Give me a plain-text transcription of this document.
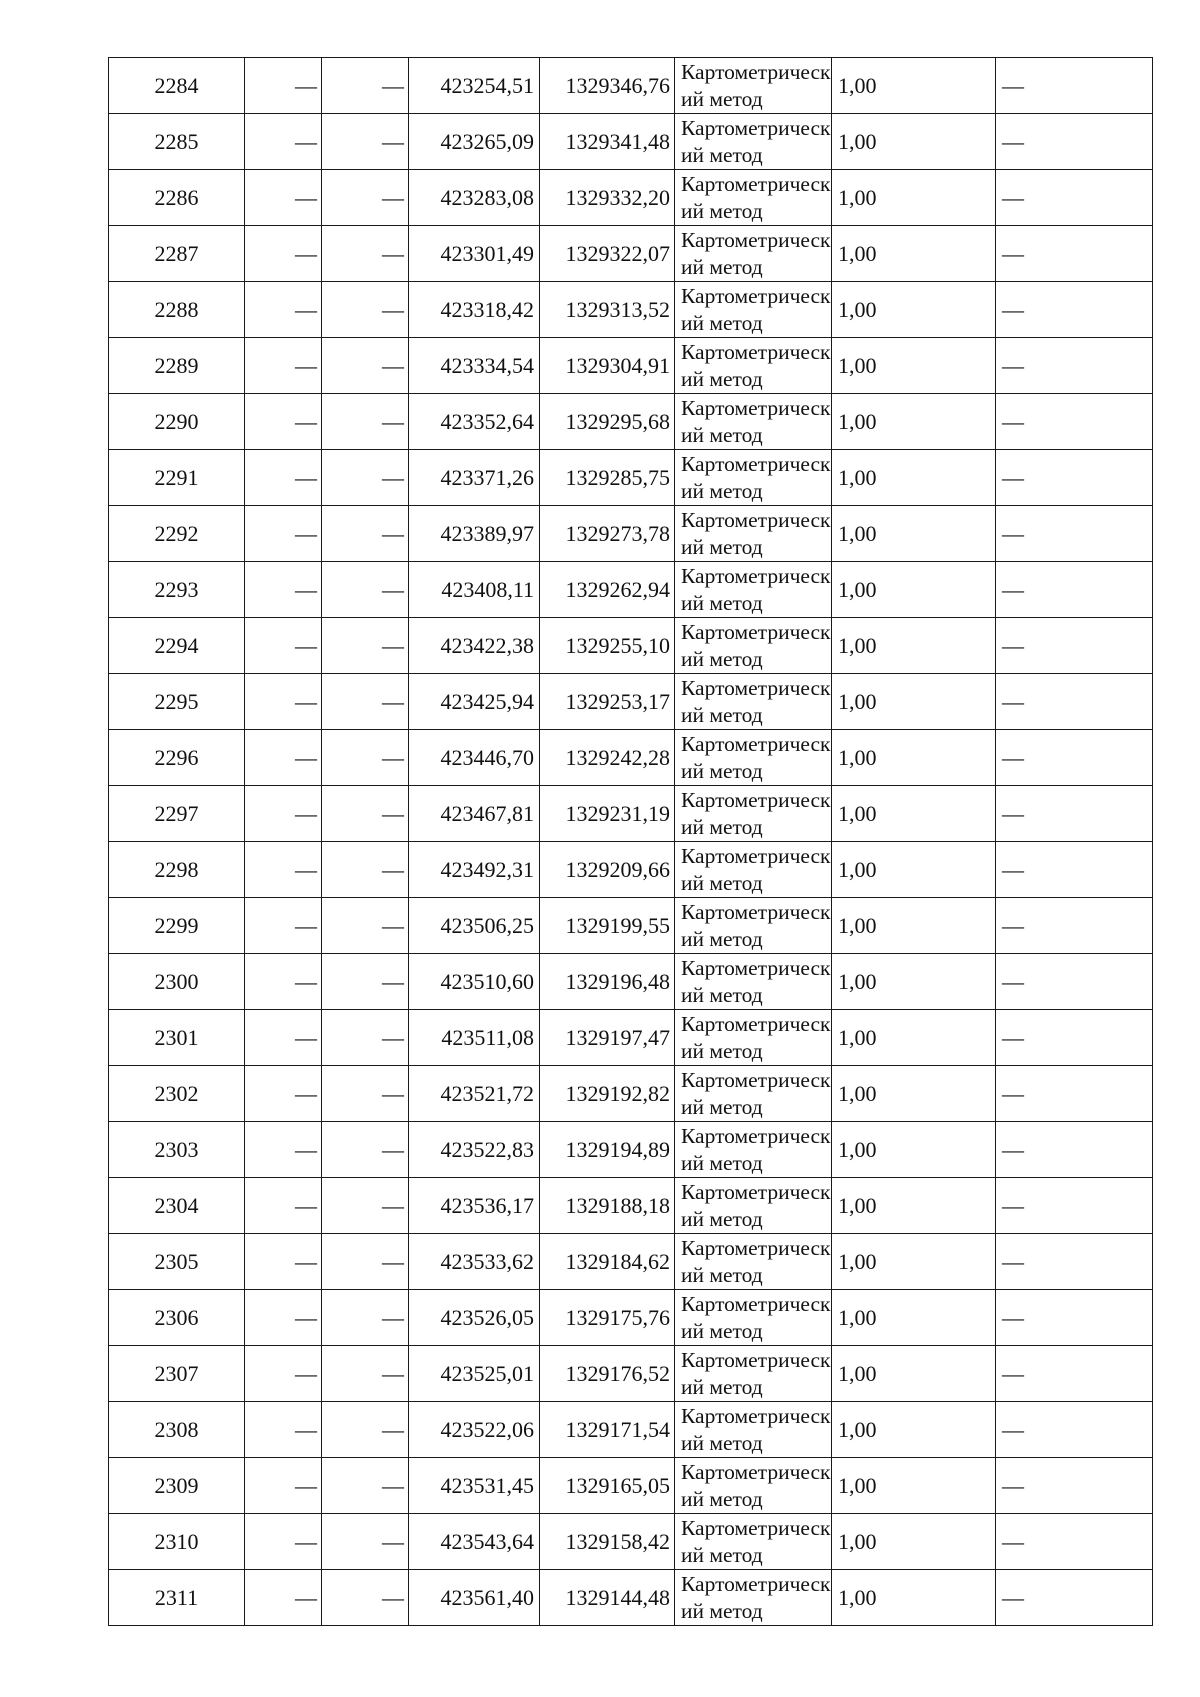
2284	—	—	423254,51	1329346,76	Картометрический метод	1,00	—
2285	—	—	423265,09	1329341,48	Картометрический метод	1,00	—
2286	—	—	423283,08	1329332,20	Картометрический метод	1,00	—
2287	—	—	423301,49	1329322,07	Картометрический метод	1,00	—
2288	—	—	423318,42	1329313,52	Картометрический метод	1,00	—
2289	—	—	423334,54	1329304,91	Картометрический метод	1,00	—
2290	—	—	423352,64	1329295,68	Картометрический метод	1,00	—
2291	—	—	423371,26	1329285,75	Картометрический метод	1,00	—
2292	—	—	423389,97	1329273,78	Картометрический метод	1,00	—
2293	—	—	423408,11	1329262,94	Картометрический метод	1,00	—
2294	—	—	423422,38	1329255,10	Картометрический метод	1,00	—
2295	—	—	423425,94	1329253,17	Картометрический метод	1,00	—
2296	—	—	423446,70	1329242,28	Картометрический метод	1,00	—
2297	—	—	423467,81	1329231,19	Картометрический метод	1,00	—
2298	—	—	423492,31	1329209,66	Картометрический метод	1,00	—
2299	—	—	423506,25	1329199,55	Картометрический метод	1,00	—
2300	—	—	423510,60	1329196,48	Картометрический метод	1,00	—
2301	—	—	423511,08	1329197,47	Картометрический метод	1,00	—
2302	—	—	423521,72	1329192,82	Картометрический метод	1,00	—
2303	—	—	423522,83	1329194,89	Картометрический метод	1,00	—
2304	—	—	423536,17	1329188,18	Картометрический метод	1,00	—
2305	—	—	423533,62	1329184,62	Картометрический метод	1,00	—
2306	—	—	423526,05	1329175,76	Картометрический метод	1,00	—
2307	—	—	423525,01	1329176,52	Картометрический метод	1,00	—
2308	—	—	423522,06	1329171,54	Картометрический метод	1,00	—
2309	—	—	423531,45	1329165,05	Картометрический метод	1,00	—
2310	—	—	423543,64	1329158,42	Картометрический метод	1,00	—
2311	—	—	423561,40	1329144,48	Картометрический метод	1,00	—
